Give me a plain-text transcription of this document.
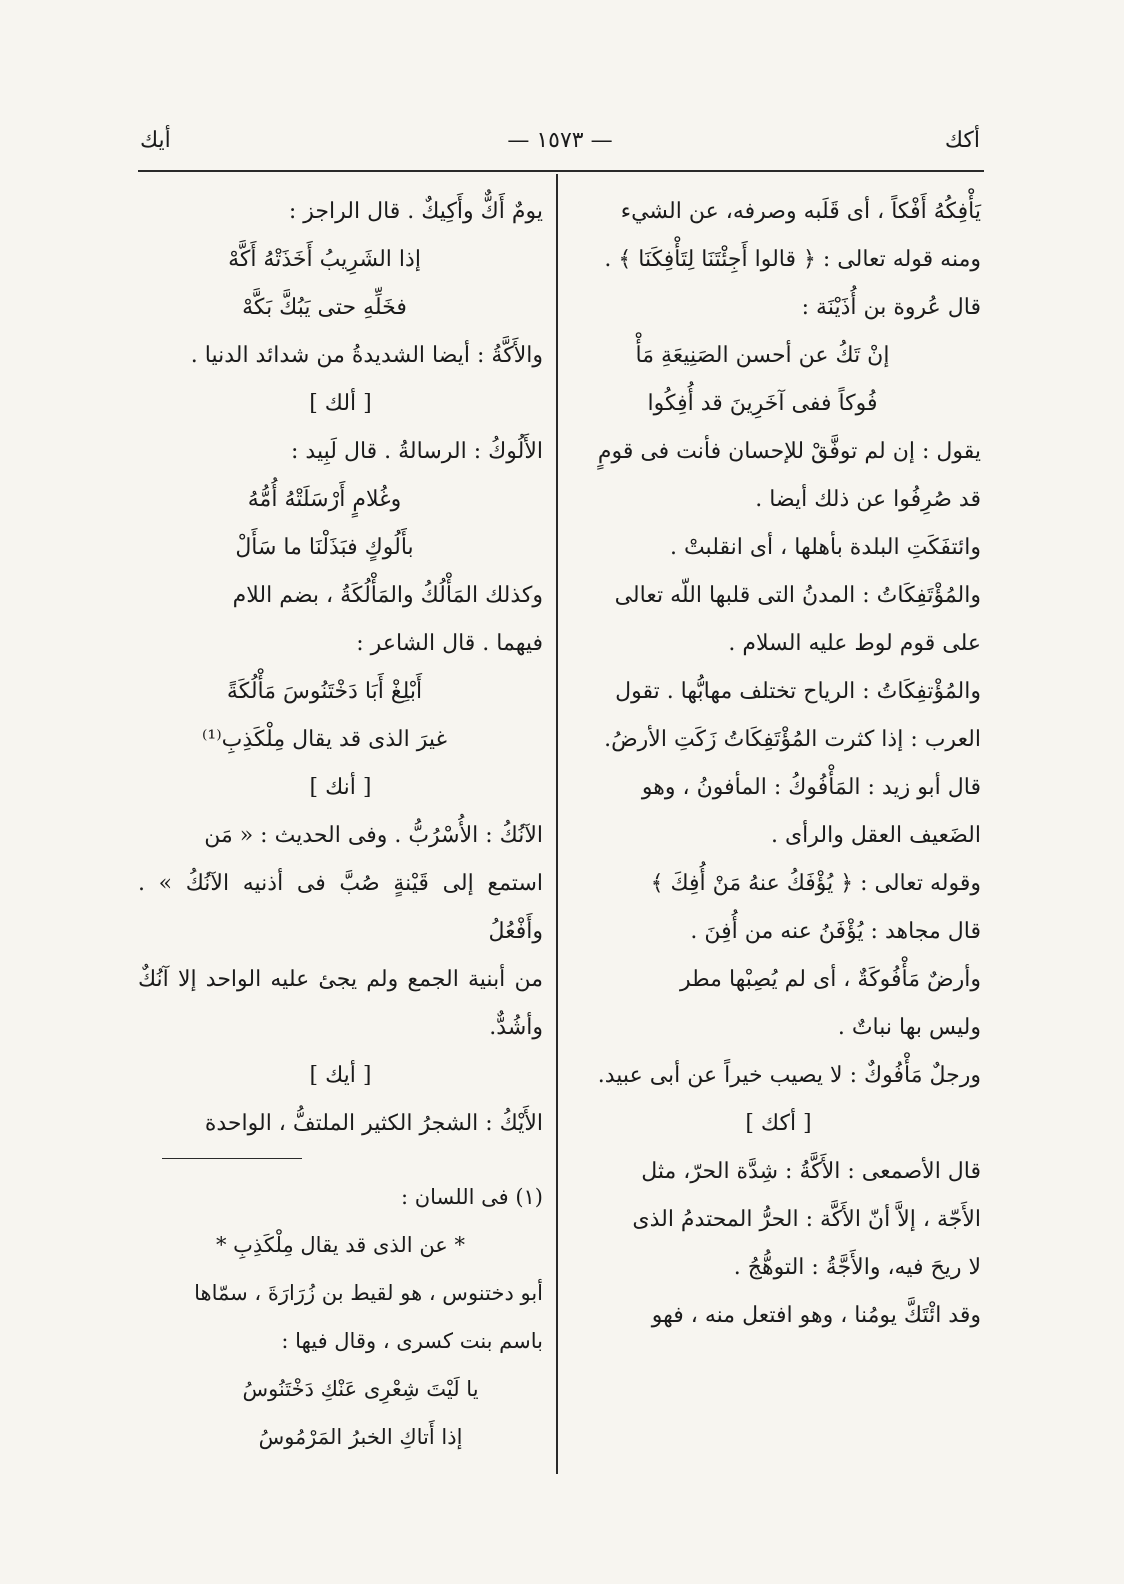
أكك
— ١٥٧٣ —
أيك

يَأْفِكُهُ أَفْكاً ، أى قَلَبه وصرفه، عن الشيء

ومنه قوله تعالى : ﴿ قالوا أَجِئْتَنَا لِتَأْفِكَنَا ﴾ .

قال عُروة بن أُذَيْنَة :

إنْ تَكُ عن أحسن الصَنِيعَةِ مَأْ

فُوكاً ففى آخَرِينَ قد أُفِكُوا

يقول : إن لم توفَّقْ للإحسان فأنت فى قومٍ

قد صُرِفُوا عن ذلك أيضا .

وائتفَكَتِ البلدة بأهلها ، أى انقلبتْ .

والمُؤْتَفِكَاتُ : المدنُ التى قلبها اللّه تعالى

على قوم لوط عليه السلام .

والمُؤْتفِكَاتُ : الرياح تختلف مهابُّها . تقول

العرب : إذا كثرت المُؤْتَفِكَاتُ زَكَتِ الأرضُ.

قال أبو زيد : المَأْفُوكُ : المأفونُ ، وهو

الضَعيف العقل والرأى .

وقوله تعالى : ﴿ يُؤْفَكُ عنهُ مَنْ أُفِكَ ﴾

قال مجاهد : يُؤْفَنُ عنه من أُفِنَ .

وأرضٌ مَأْفُوكَةٌ ، أى لم يُصِبْها مطر

وليس بها نباتٌ .

ورجلٌ مَأْفُوكٌ : لا يصيب خيراً عن أبى عبيد.

[ أكك ]

قال الأصمعى : الأَكَّةُ : شِدَّة الحرّ، مثل

الأَجّة ، إلاَّ أنّ الأَكَّة : الحرُّ المحتدمُ الذى

لا ريحَ فيه، والأَجَّةُ : التوهُّجُ .

وقد ائْتَكَّ يومُنا ، وهو افتعل منه ، فهو

يومٌ أَكٌّ وأَكِيكٌ . قال الراجز :

إذا الشَرِيبُ أَخَذَتْهُ أَكَّهْ

فخَلِّهِ حتى يَبُكَّ بَكَّهْ

والأَكَّةُ : أيضا الشديدةُ من شدائد الدنيا .

[ ألك ]

الأَلُوكُ : الرسالةُ . قال لَبِيد :

وغُلامٍ أَرْسَلَتْهُ أُمُّهُ

بأَلُوكٍ فبَذَلْنَا ما سَأَلْ

وكذلك المَأْلُكُ والمَأْلُكَةُ ، بضم اللام

فيهما . قال الشاعر :

أَبْلِغْ أَبَا دَخْتَنُوسَ مَأْلُكَةً

غيرَ الذى قد يقال مِلْكَذِبِ⁽¹⁾

[ أنك ]

الآنُكُ : الأُسْرُبُّ . وفى الحديث : « مَن

استمع إلى قَيْنةٍ صُبَّ فى أذنيه الآنُكُ » . وأَفْعُلُ

من أبنية الجمع ولم يجئ عليه الواحد إلا آنُكٌ وأشُدٌّ.

[ أيك ]

الأَيْكُ : الشجرُ الكثير الملتفُّ ، الواحدة

(١) فى اللسان :

* عن الذى قد يقال مِلْكَذِبِ *

أبو دختنوس ، هو لقيط بن زُرَارَةَ ، سمّاها

باسم بنت كسرى ، وقال فيها :

يا لَيْتَ شِعْرِى عَنْكِ دَخْتَنُوسُ

إذا أَتاكِ الخبرُ المَرْمُوسُ
